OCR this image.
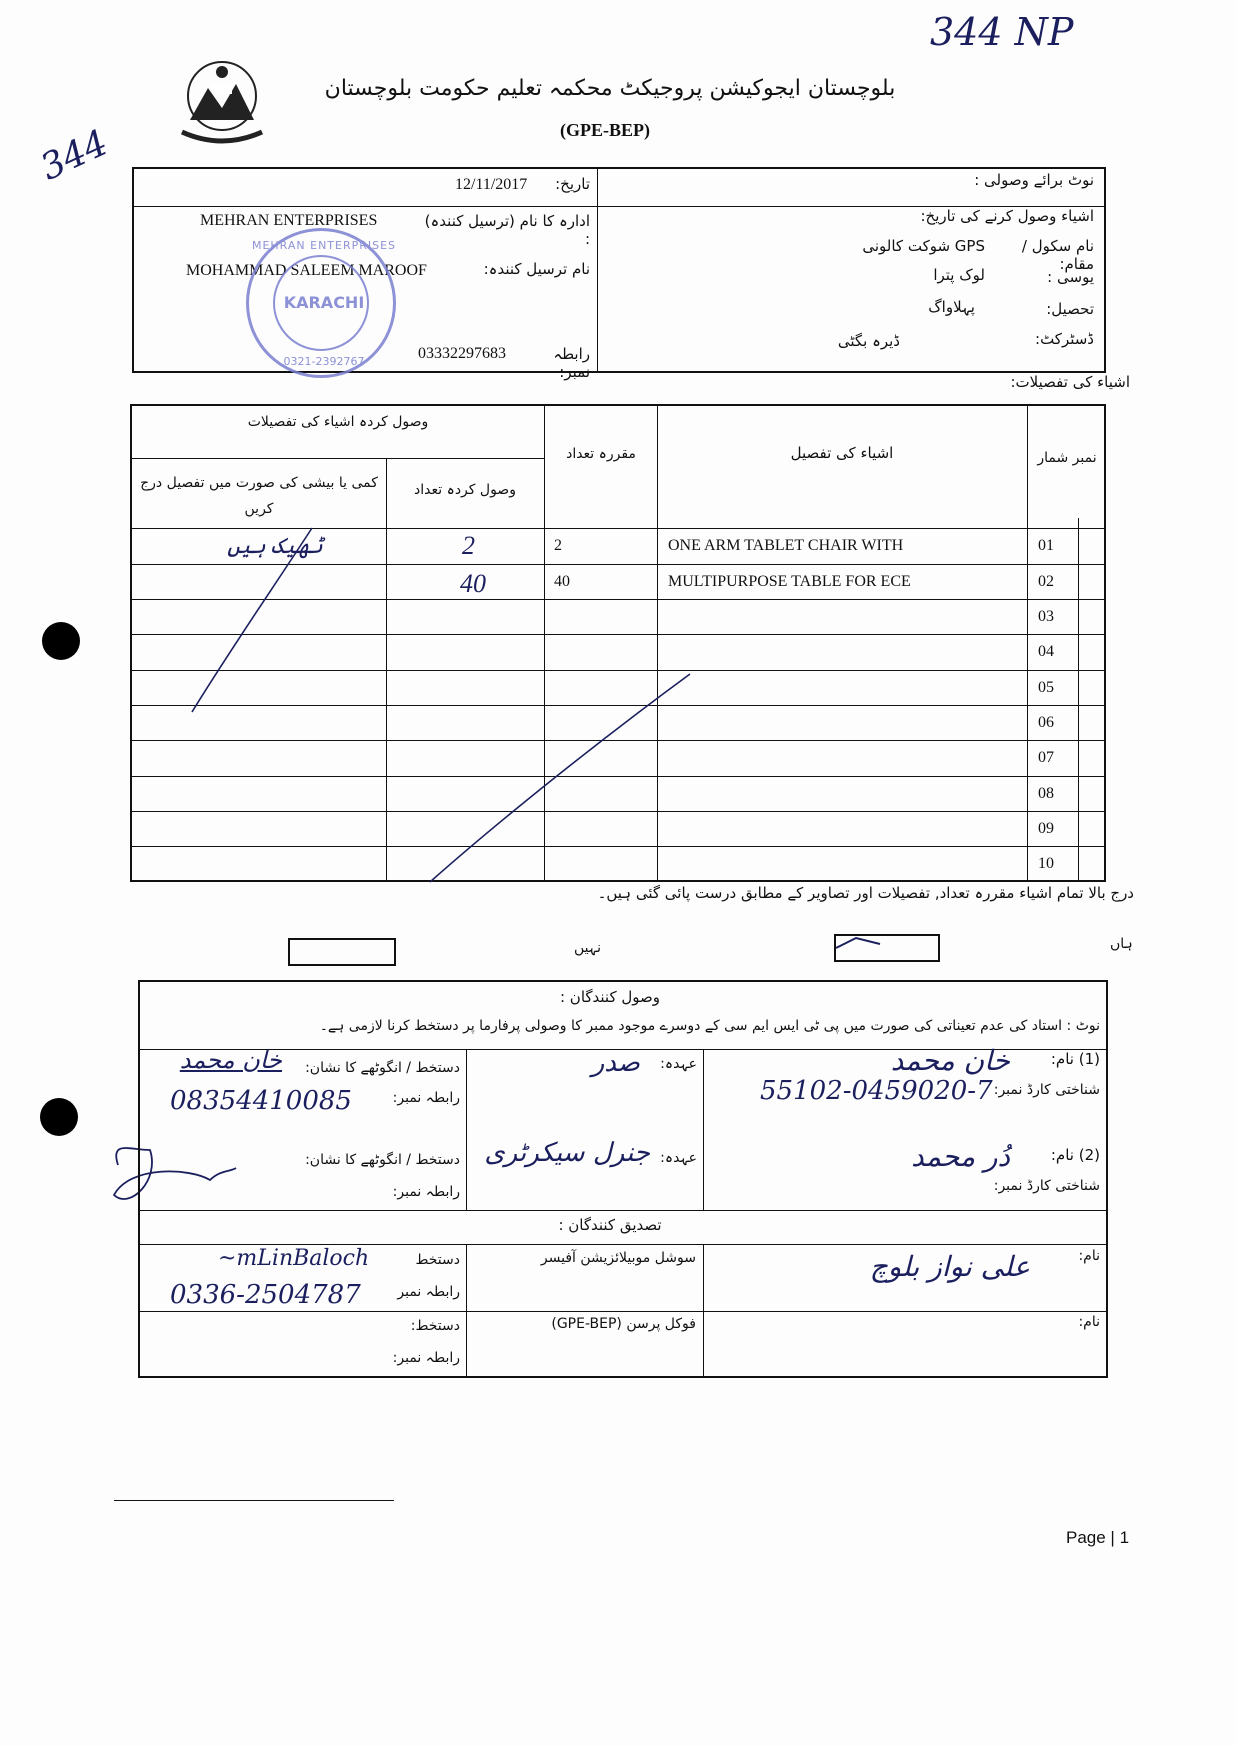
344 NP
344
بلوچستان ایجوکیشن پروجیکٹ محکمہ تعلیم حکومت بلوچستان
(GPE-BEP)
نوٹ برائے وصولی :
اشیاء وصول کرنے کی تاریخ:
نام سکول / مقام:
GPS شوکت کالونی
یوسی :
لوک پترا
تحصیل:
پہلاواگ
ڈسٹرکٹ:
ڈیرہ بگٹی
تاریخ:
12/11/2017
ادارہ کا نام (ترسیل کنندہ) :
MEHRAN ENTERPRISES
نام ترسیل کنندہ:
MOHAMMAD SALEEM MAROOF
رابطہ نمبر:
03332297683
MEHRAN ENTERPRISES
KARACHI
0321-2392767
اشیاء کی تفصیلات:
نمبر شمار
اشیاء کی تفصیل
مقررہ تعداد
وصول کردہ اشیاء کی تفصیلات
وصول کردہ تعداد
کمی یا بیشی کی صورت میں تفصیل درج کریں
01
ONE ARM TABLET CHAIR WITH
2
2
ٹھیک ہیں
02
MULTIPURPOSE TABLE FOR ECE
40
40
03
04
05
06
07
08
09
10
درج بالا تمام اشیاء مقررہ تعداد, تفصیلات اور تصاویر کے مطابق درست پائی گئی ہیں۔
ہاں
نہیں
وصول کنندگان :
نوٹ : استاد کی عدم تعیناتی کی صورت میں پی ٹی ایس ایم سی کے دوسرے موجود ممبر کا وصولی پرفارما پر دستخط کرنا لازمی ہے۔
(1) نام:
خان محمد
شناختی کارڈ نمبر:
55102-0459020-7
عہدہ:
صدر
دستخط / انگوٹھے کا نشان:
خان محمد
رابطہ نمبر:
08354410085
(2) نام:
دُر محمد
شناختی کارڈ نمبر:
عہدہ:
جنرل سیکرٹری
دستخط / انگوٹھے کا نشان:
رابطہ نمبر:
تصدیق کنندگان :
نام:
علی نواز بلوچ
سوشل موبیلائزیشن آفیسر
دستخط
~mLinBaloch
رابطہ نمبر
0336-2504787
نام:
فوکل پرسن (GPE-BEP)
دستخط:
رابطہ نمبر:
Page | 1
